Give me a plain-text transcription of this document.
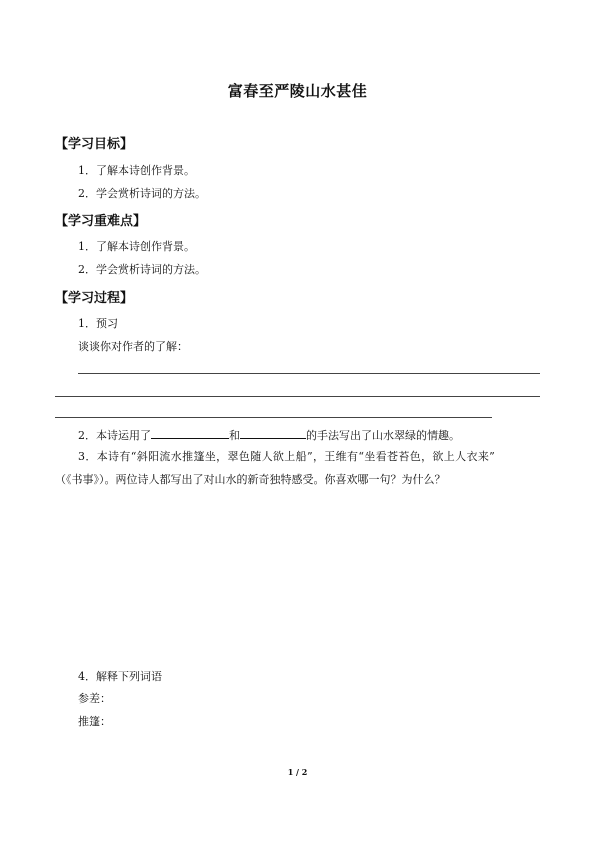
富春至严陵山水甚佳
【学习目标】
1．了解本诗创作背景。
2．学会赏析诗词的方法。
【学习重难点】
1．了解本诗创作背景。
2．学会赏析诗词的方法。
【学习过程】
1．预习
谈谈你对作者的了解：
2．本诗运用了	和	的手法写出了山水翠绿的情趣。
3．本诗有“斜阳流水推篷坐，翠色随人欲上船”，王维有“坐看苍苔色，欲上人衣来”
（《书事》）。两位诗人都写出了对山水的新奇独特感受。你喜欢哪一句？为什么？
4．解释下列词语
参差：
推篷：
1 / 2
